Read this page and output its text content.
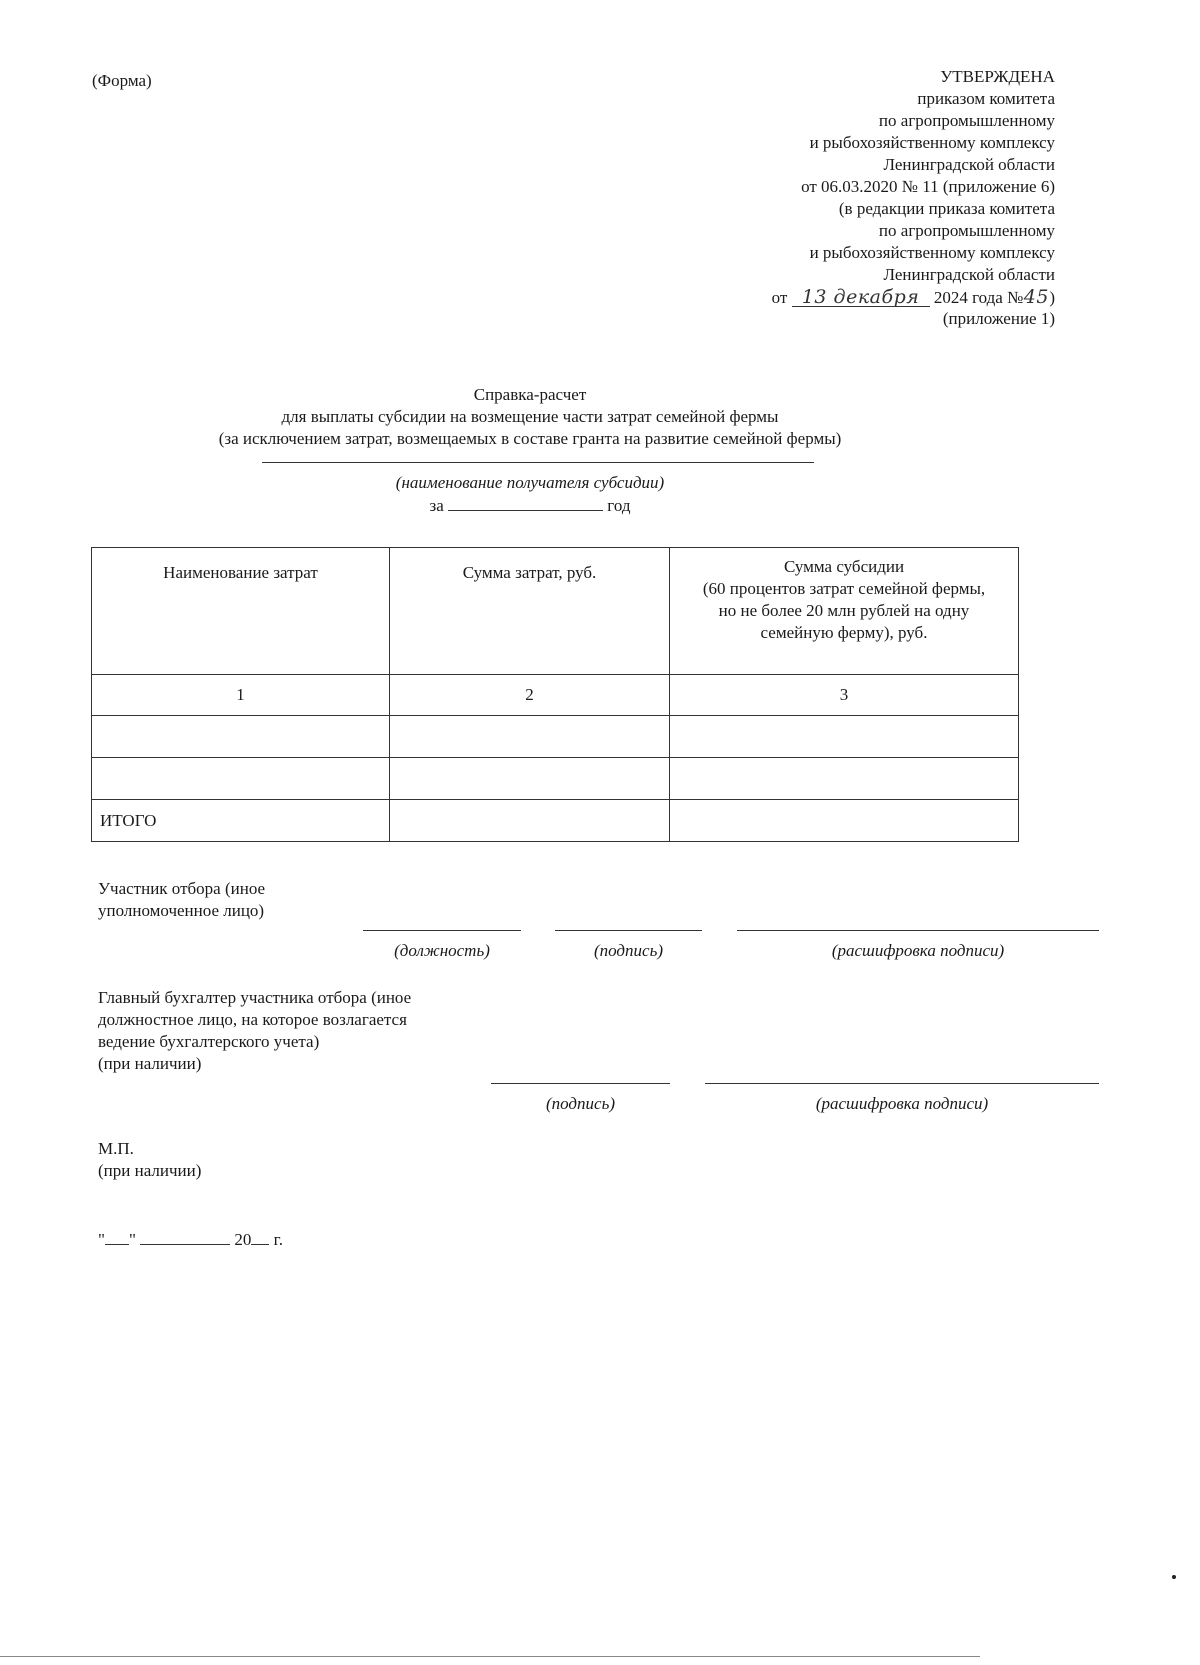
(Форма)	УТВЕРЖДЕНА
приказом комитета
по агропромышленному
и рыбохозяйственному комплексу
Ленинградской области
от 06.03.2020 № 11 (приложение 6)
(в редакции приказа комитета
по агропромышленному
и рыбохозяйственному комплексу
Ленинградской области
от 13 декабря 2024 года №45)
(приложение 1)
Справка-расчет
для выплаты субсидии на возмещение части затрат семейной фермы
(за исключением затрат, возмещаемых в составе гранта на развитие семейной фермы)
(наименование получателя субсидии)
за	год
Наименование затрат	Сумма затрат, руб.	Сумма субсидии
(60 процентов затрат семейной фермы,
но не более 20 млн рублей на одну
семейную ферму), руб.

1	2	3

ИТОГО		
Участник отбора (иное
уполномоченное лицо)
(должность)	(подпись)	(расшифровка подписи)
Главный бухгалтер участника отбора (иное
должностное лицо, на которое возлагается
ведение бухгалтерского учета)
(при наличии)
(подпись)	(расшифровка подписи)
М.П.
(при наличии)
" "	20 г.
